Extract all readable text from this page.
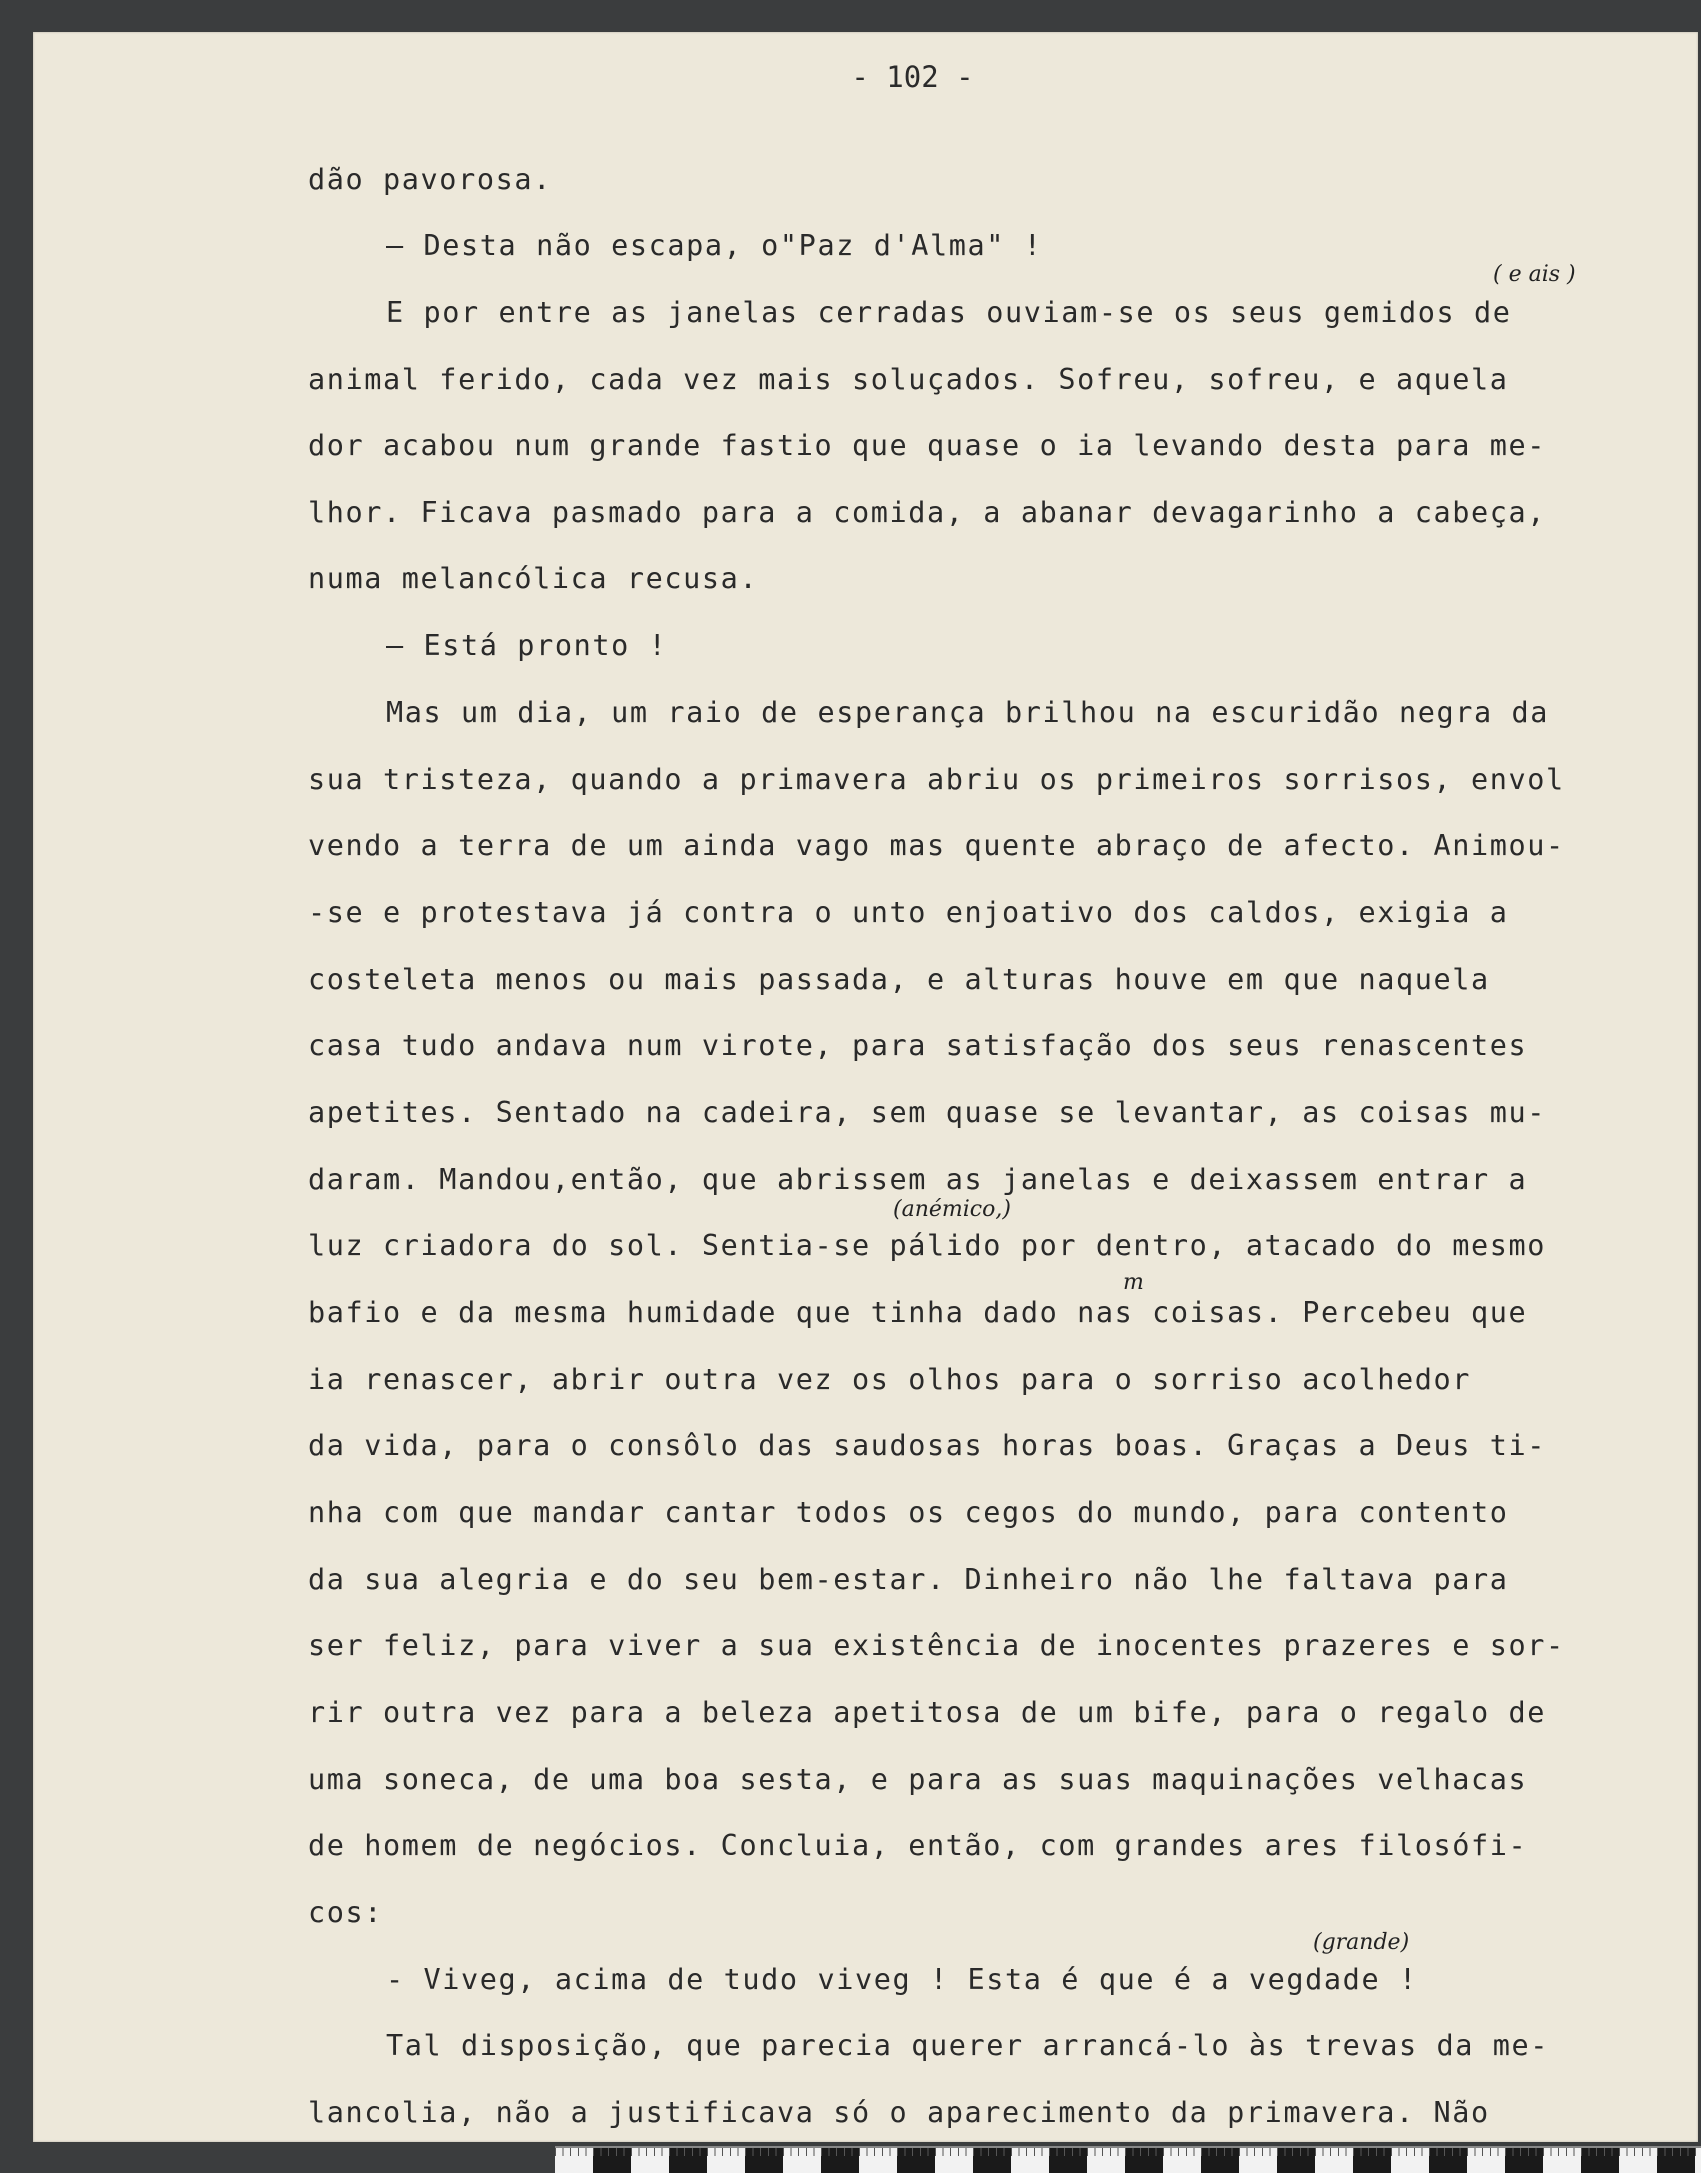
- 102 -
dão pavorosa.
— Desta não escapa, o"Paz d'Alma" !
E por entre as janelas cerradas ouviam-se os seus gemidos de
animal ferido, cada vez mais soluçados. Sofreu, sofreu, e aquela
dor acabou num grande fastio que quase o ia levando desta para me-
lhor. Ficava pasmado para a comida, a abanar devagarinho a cabeça,
numa melancólica recusa.
— Está pronto !
Mas um dia, um raio de esperança brilhou na escuridão negra da
sua tristeza, quando a primavera abriu os primeiros sorrisos, envol
vendo a terra de um ainda vago mas quente abraço de afecto. Animou-
-se e protestava já contra o unto enjoativo dos caldos, exigia a
costeleta menos ou mais passada, e alturas houve em que naquela
casa tudo andava num virote, para satisfação dos seus renascentes
apetites. Sentado na cadeira, sem quase se levantar, as coisas mu-
daram. Mandou,então, que abrissem as janelas e deixassem entrar a
luz criadora do sol. Sentia-se pálido por dentro, atacado do mesmo
bafio e da mesma humidade que tinha dado nas coisas. Percebeu que
ia renascer, abrir outra vez os olhos para o sorriso acolhedor
da vida, para o consôlo das saudosas horas boas. Graças a Deus ti-
nha com que mandar cantar todos os cegos do mundo, para contento
da sua alegria e do seu bem-estar. Dinheiro não lhe faltava para
ser feliz, para viver a sua existência de inocentes prazeres e sor-
rir outra vez para a beleza apetitosa de um bife, para o regalo de
uma soneca, de uma boa sesta, e para as suas maquinações velhacas
de homem de negócios. Concluia, então, com grandes ares filosófi-
cos:
- Viveg, acima de tudo viveg ! Esta é que é a vegdade !
Tal disposição, que parecia querer arrancá-lo às trevas da me-
lancolia, não a justificava só o aparecimento da primavera. Não
( e ais )
(anémico,)
m
(grande)
